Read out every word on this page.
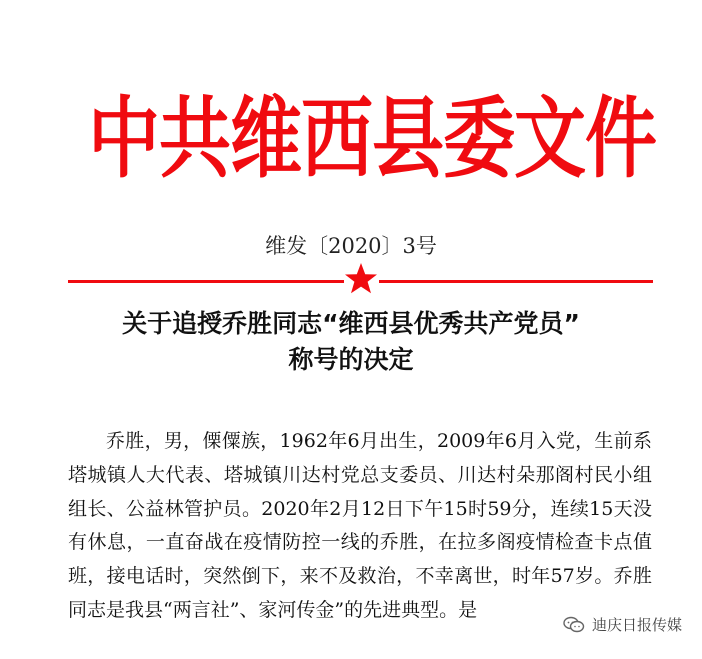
中共维西县委文件
维发〔2020〕3号
关于追授乔胜同志“维西县优秀共产党员”
称号的决定

乔胜，男，傈僳族，1962年6月出生，2009年6月入党，生前系塔城镇人大代表、塔城镇川达村党总支委员、川达村朵那阁村民小组组长、公益林管护员。2020年2月12日下午15时59分，连续15天没有休息，一直奋战在疫情防控一线的乔胜，在拉多阁疫情检查卡点值班，接电话时，突然倒下，来不及救治，不幸离世，时年57岁。乔胜同志是我县“两言社”、家河传金”的先进典型。是

迪庆日报传媒
